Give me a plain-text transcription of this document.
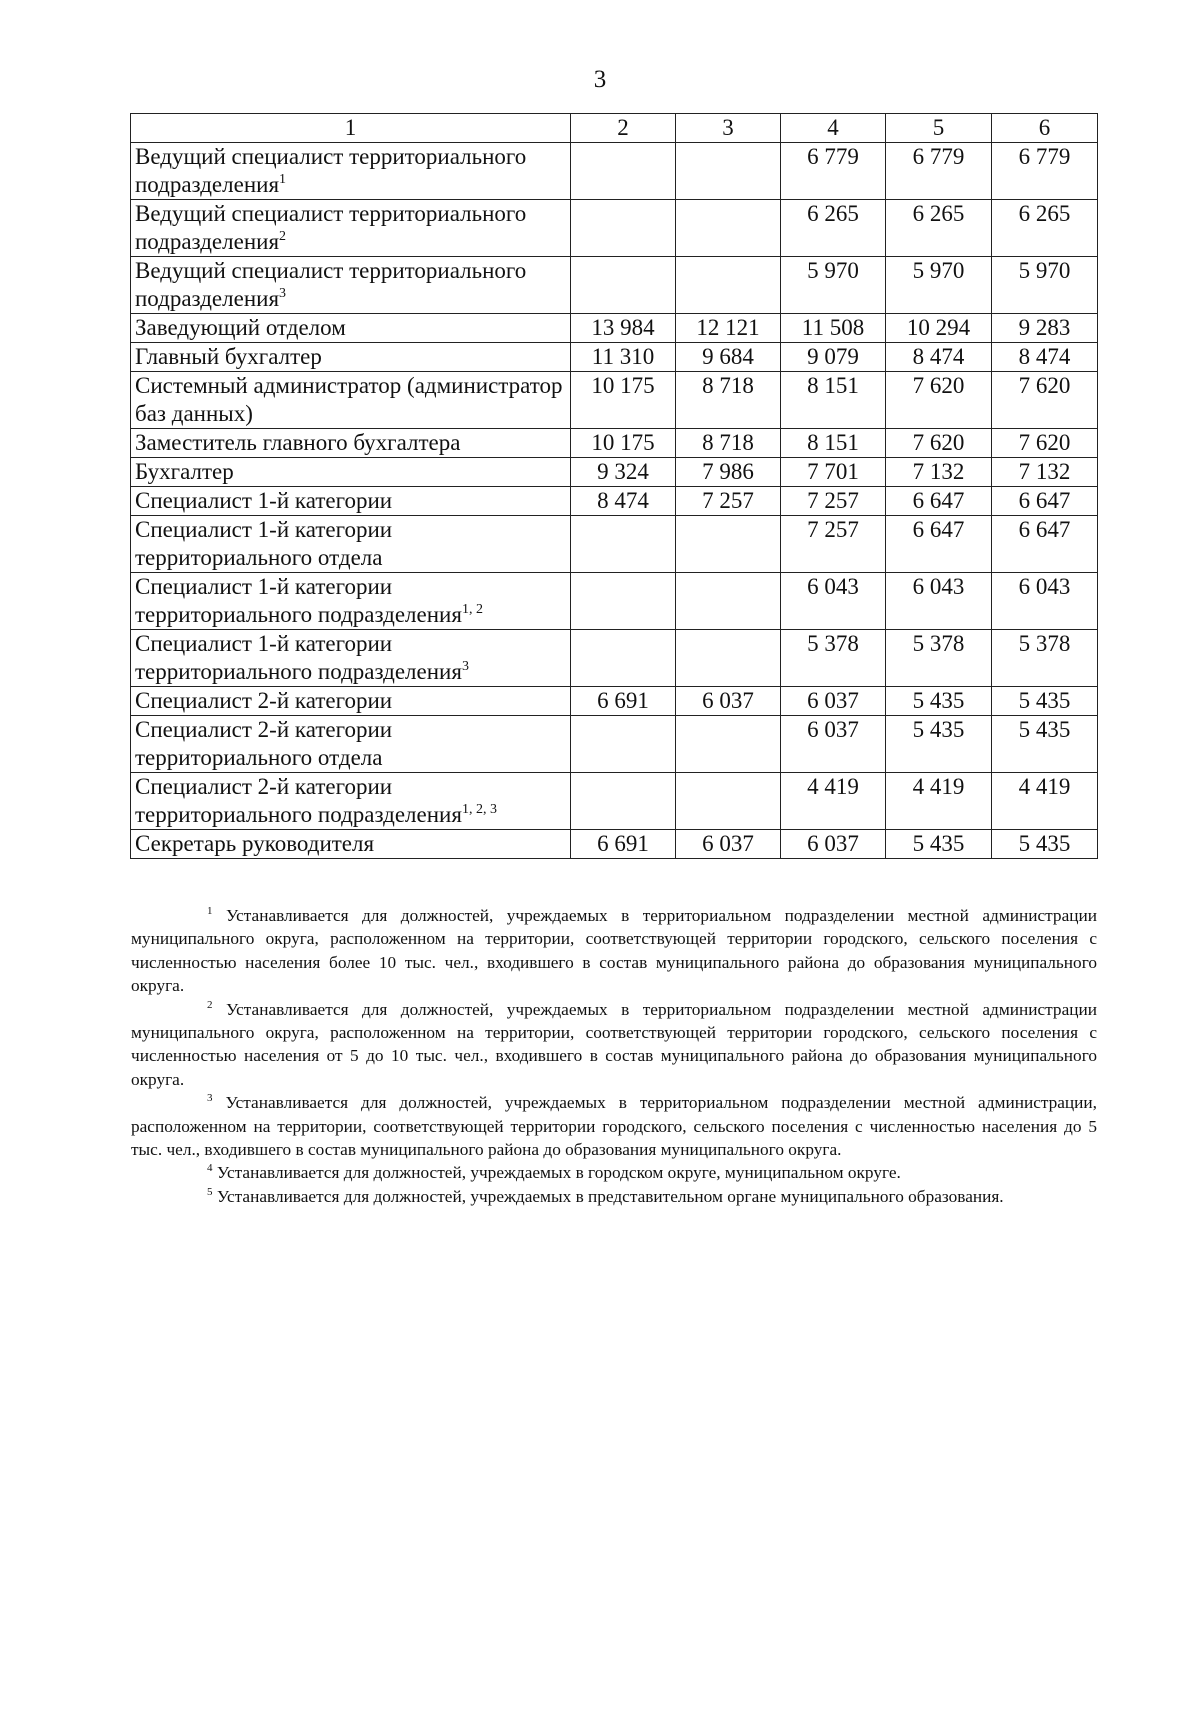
3
1	2	3	4	5	6
Ведущий специалист территориального подразделения$^1$			6 779	6 779	6 779
Ведущий специалист территориального подразделения$^2$			6 265	6 265	6 265
Ведущий специалист территориального подразделения$^3$			5 970	5 970	5 970
Заведующий отделом	13 984	12 121	11 508	10 294	9 283
Главный бухгалтер	11 310	9 684	9 079	8 474	8 474
Системный администратор (администратор баз данных)	10 175	8 718	8 151	7 620	7 620
Заместитель главного бухгалтера	10 175	8 718	8 151	7 620	7 620
Бухгалтер	9 324	7 986	7 701	7 132	7 132
Специалист 1-й категории	8 474	7 257	7 257	6 647	6 647
Специалист 1-й категории территориального отдела			7 257	6 647	6 647
Специалист 1-й категории территориального подразделения$^{1, 2}$			6 043	6 043	6 043
Специалист 1-й категории территориального подразделения$^3$			5 378	5 378	5 378
Специалист 2-й категории	6 691	6 037	6 037	5 435	5 435
Специалист 2-й категории территориального отдела			6 037	5 435	5 435
Специалист 2-й категории территориального подразделения$^{1, 2, 3}$			4 419	4 419	4 419
Секретарь руководителя	6 691	6 037	6 037	5 435	5 435

$^1$ Устанавливается для должностей, учреждаемых в территориальном подразделении местной администрации муниципального округа, расположенном на территории, соответствующей территории городского, сельского поселения с численностью населения более 10 тыс. чел., входившего в состав муниципального района до образования муниципального округа.

$^2$ Устанавливается для должностей, учреждаемых в территориальном подразделении местной администрации муниципального округа, расположенном на территории, соответствующей территории городского, сельского поселения с численностью населения от 5 до 10 тыс. чел., входившего в состав муниципального района до образования муниципального округа.

$^3$ Устанавливается для должностей, учреждаемых в территориальном подразделении местной администрации, расположенном на территории, соответствующей территории городского, сельского поселения с численностью населения до 5 тыс. чел., входившего в состав муниципального района до образования муниципального округа.

$^4$ Устанавливается для должностей, учреждаемых в городском округе, муниципальном округе.

$^5$ Устанавливается для должностей, учреждаемых в представительном органе муниципального образования.
